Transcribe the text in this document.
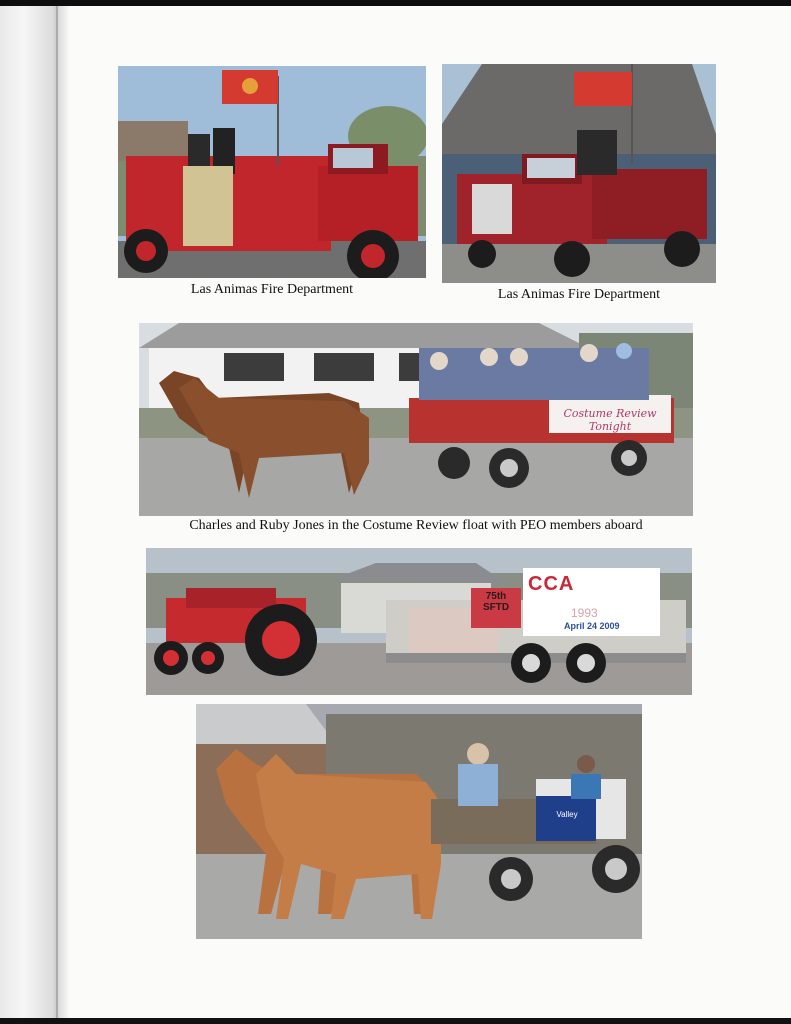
Las Animas Fire Department	Las Animas Fire Department
Costume Review Tonight
Charles and Ruby Jones in the Costume Review float with PEO members aboard
CCA
75th SFTD	1993
April 24 2009
Valley
